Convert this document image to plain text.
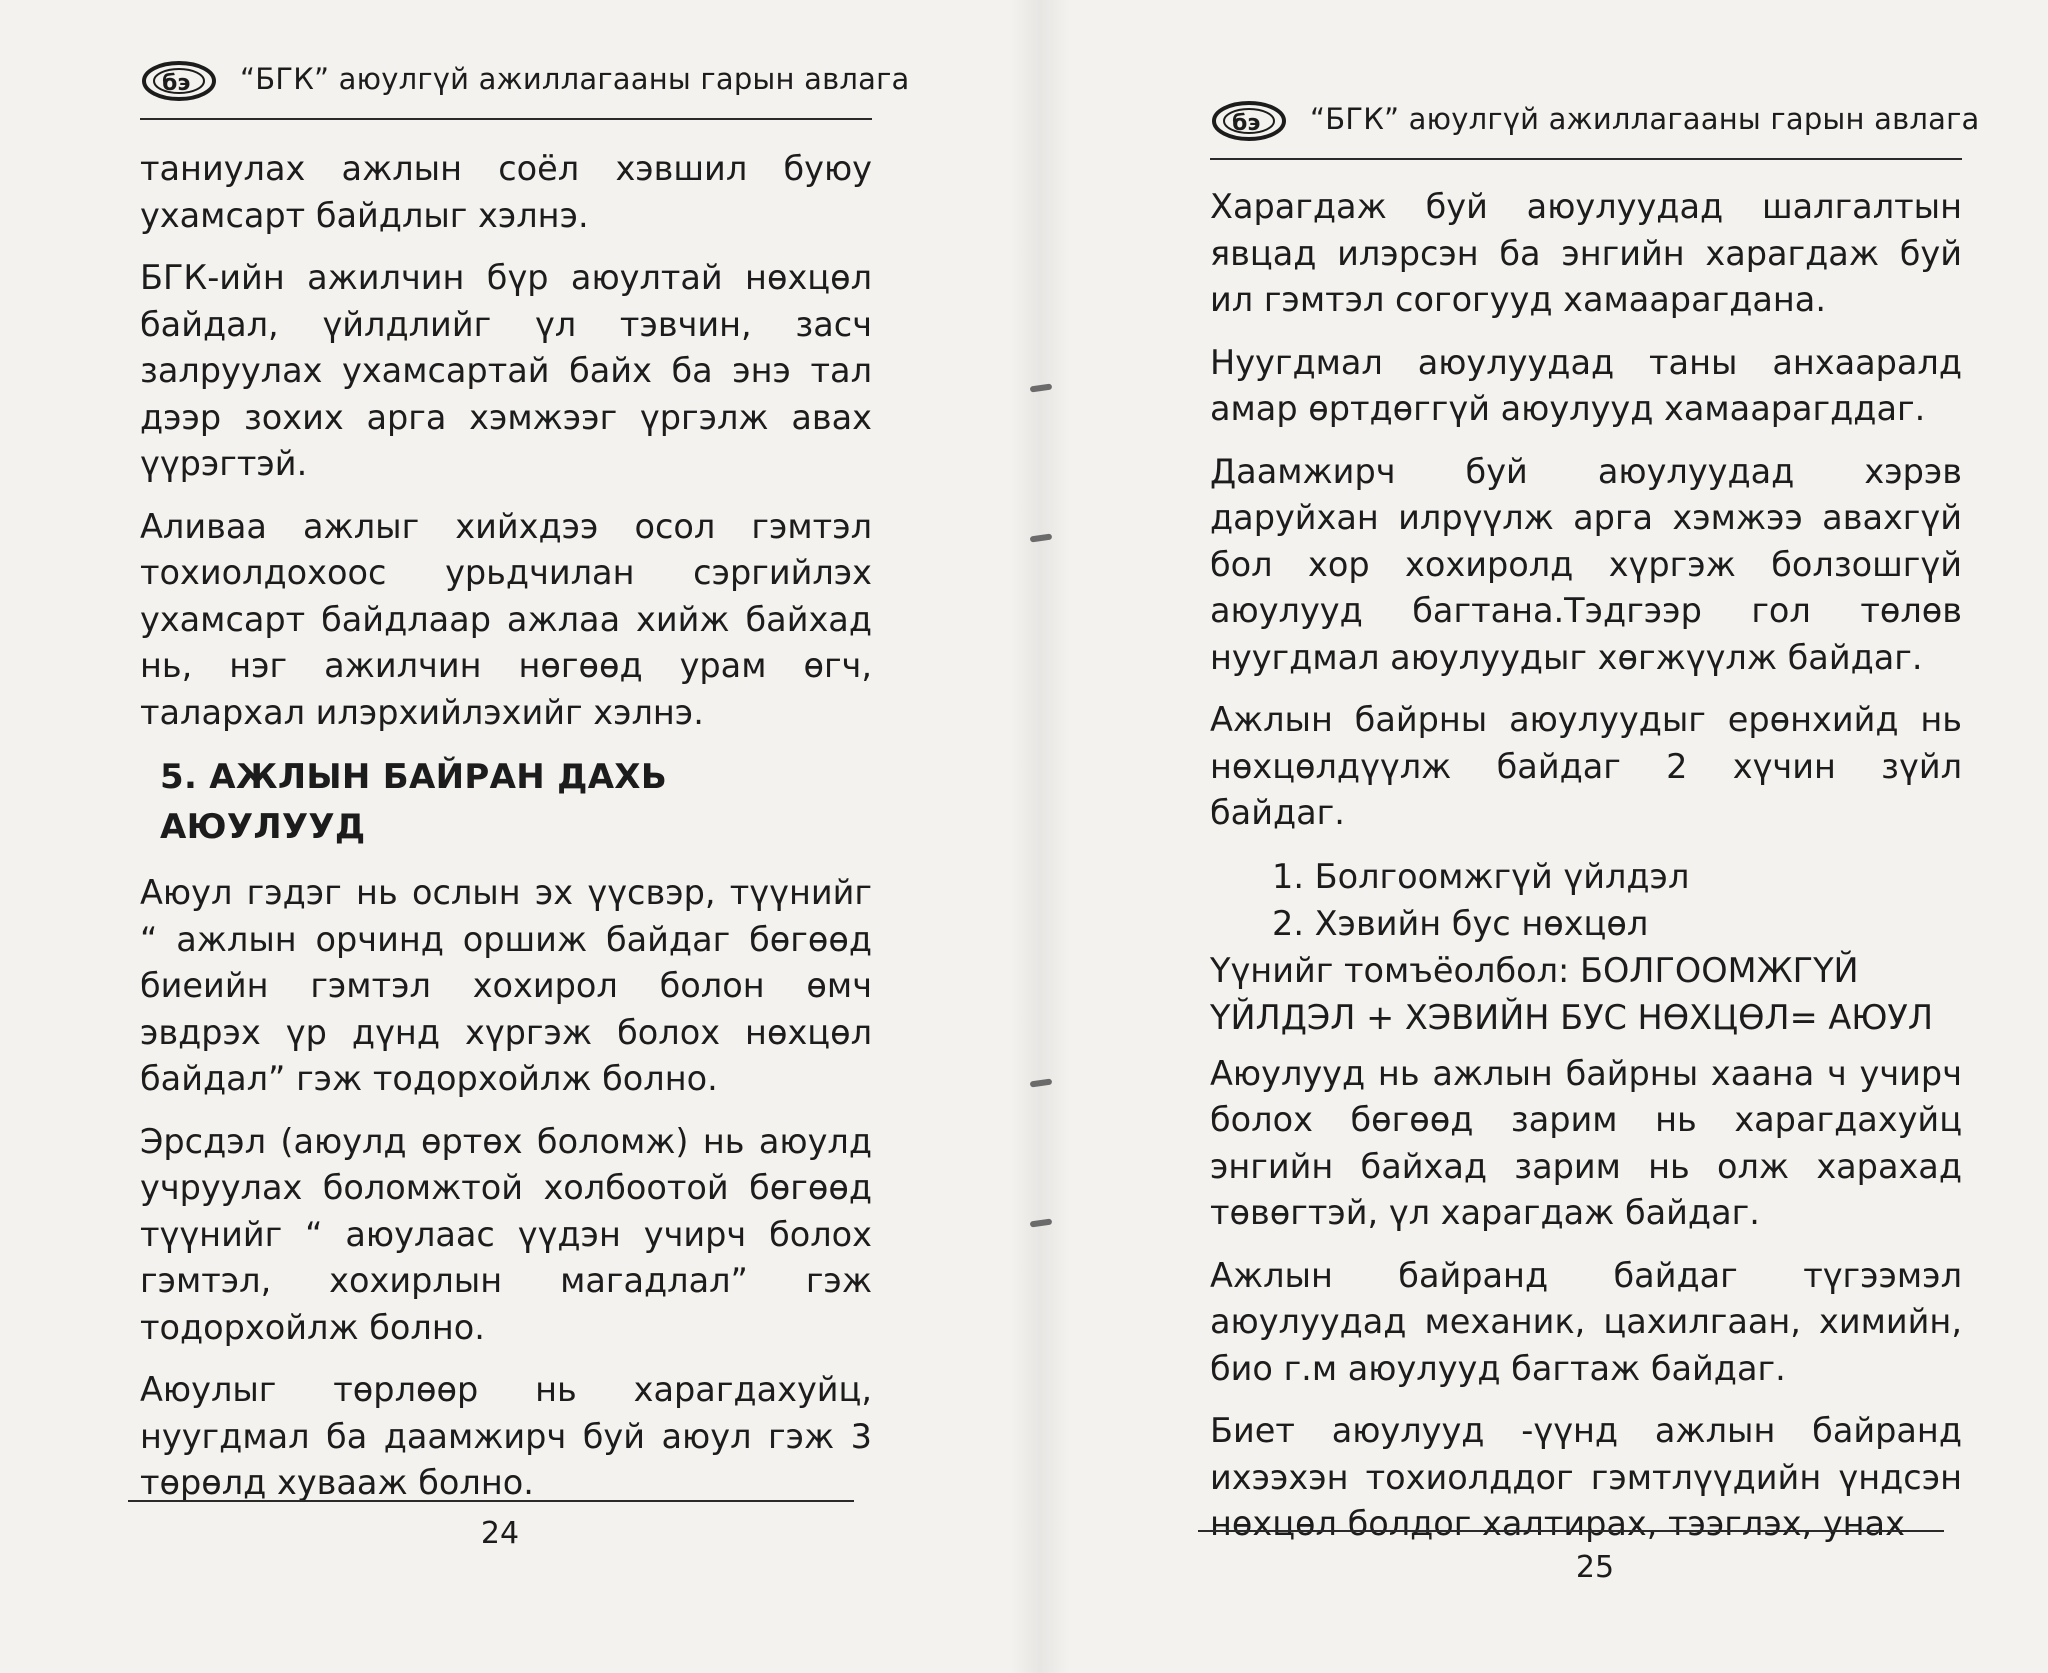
бэ “БГК” аюулгүй ажиллагааны гарын авлага

таниулах ажлын соёл хэвшил буюу ухамсарт байдлыг хэлнэ.

БГК-ийн ажилчин бүр аюултай нөхцөл байдал, үйлдлийг үл тэвчин, засч залруулах ухамсартай байх ба энэ тал дээр зохих арга хэмжээг үргэлж авах үүрэгтэй.

Аливаа ажлыг хийхдээ осол гэмтэл тохиолдохоос урьдчилан сэргийлэх ухамсарт байдлаар ажлаа хийж байхад нь, нэг ажилчин нөгөөд урам өгч, талархал илэрхийлэхийг хэлнэ.

5. АЖЛЫН БАЙРАН ДАХЬ АЮУЛУУД

Аюул гэдэг нь ослын эх үүсвэр, түүнийг “ ажлын орчинд оршиж байдаг бөгөөд биеийн гэмтэл хохирол болон өмч эвдрэх үр дүнд хүргэж болох нөхцөл байдал” гэж тодорхойлж болно.

Эрсдэл (аюулд өртөх боломж) нь аюулд учруулах боломжтой холбоотой бөгөөд түүнийг “ аюулаас үүдэн учирч болох гэмтэл, хохирлын магадлал” гэж тодорхойлж болно.

Аюулыг төрлөөр нь харагдахуйц, нуугдмал ба даамжирч буй аюул гэж 3 төрөлд хувааж болно.

24
бэ “БГК” аюулгүй ажиллагааны гарын авлага

Харагдаж буй аюулуудад шалгалтын явцад илэрсэн ба энгийн харагдаж буй ил гэмтэл согогууд хамаарагдана.

Нуугдмал аюулуудад таны анхааралд амар өртдөггүй аюулууд хамаарагддаг.

Даамжирч буй аюулуудад хэрэв даруйхан илрүүлж арга хэмжээ авахгүй бол хор хохиролд хүргэж болзошгүй аюулууд багтана.Тэдгээр гол төлөв нуугдмал аюулуудыг хөгжүүлж байдаг.

Ажлын байрны аюулуудыг ерөнхийд нь нөхцөлдүүлж байдаг 2 хүчин зүйл байдаг.

1. Болгоомжгүй үйлдэл
2. Хэвийн бус нөхцөл

Үүнийг томъёолбол: БОЛГООМЖГҮЙ

ҮЙЛДЭЛ + ХЭВИЙН БУС НӨХЦӨЛ= АЮУЛ

Аюулууд нь ажлын байрны хаана ч учирч болох бөгөөд зарим нь харагдахуйц энгийн байхад зарим нь олж харахад төвөгтэй, үл харагдаж байдаг.

Ажлын байранд байдаг түгээмэл аюулуудад механик, цахилгаан, химийн, био г.м аюулууд багтаж байдаг.

Биет аюулууд -үүнд ажлын байранд ихээхэн тохиолддог гэмтлүүдийн үндсэн нөхцөл болдог халтирах, тээглэх, унах

25
